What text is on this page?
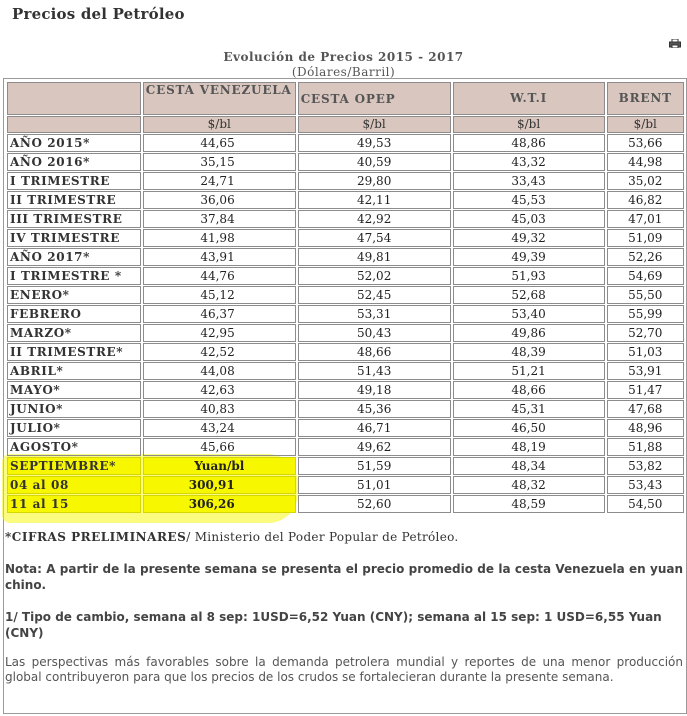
Precios del Petróleo
Evolución de Precios 2015 - 2017
(Dólares/Barril)
	CESTA VENEZUELA	CESTA OPEP	W.T.I	BRENT
	$/bl	$/bl	$/bl	$/bl
AÑO 2015*	44,65	49,53	48,86	53,66
AÑO 2016*	35,15	40,59	43,32	44,98
I TRIMESTRE	24,71	29,80	33,43	35,02
II TRIMESTRE	36,06	42,11	45,53	46,82
III TRIMESTRE	37,84	42,92	45,03	47,01
IV TRIMESTRE	41,98	47,54	49,32	51,09
AÑO 2017*	43,91	49,81	49,39	52,26
I TRIMESTRE *	44,76	52,02	51,93	54,69
ENERO*	45,12	52,45	52,68	55,50
FEBRERO	46,37	53,31	53,40	55,99
MARZO*	42,95	50,43	49,86	52,70
II TRIMESTRE*	42,52	48,66	48,39	51,03
ABRIL*	44,08	51,43	51,21	53,91
MAYO*	42,63	49,18	48,66	51,47
JUNIO*	40,83	45,36	45,31	47,68
JULIO*	43,24	46,71	46,50	48,96
AGOSTO*	45,66	49,62	48,19	51,88
SEPTIEMBRE*	Yuan/bl	51,59	48,34	53,82
04 al 08	300,91	51,01	48,32	53,43
11 al 15	306,26	52,60	48,59	54,50
*CIFRAS PRELIMINARES/ Ministerio del Poder Popular de Petróleo.
Nota: A partir de la presente semana se presenta el precio promedio de la cesta Venezuela en yuan chino.
1/ Tipo de cambio, semana al 8 sep: 1USD=6,52 Yuan (CNY); semana al 15 sep: 1 USD=6,55 Yuan (CNY)
Las perspectivas más favorables sobre la demanda petrolera mundial y reportes de una menor producción global contribuyeron para que los precios de los crudos se fortalecieran durante la presente semana.
